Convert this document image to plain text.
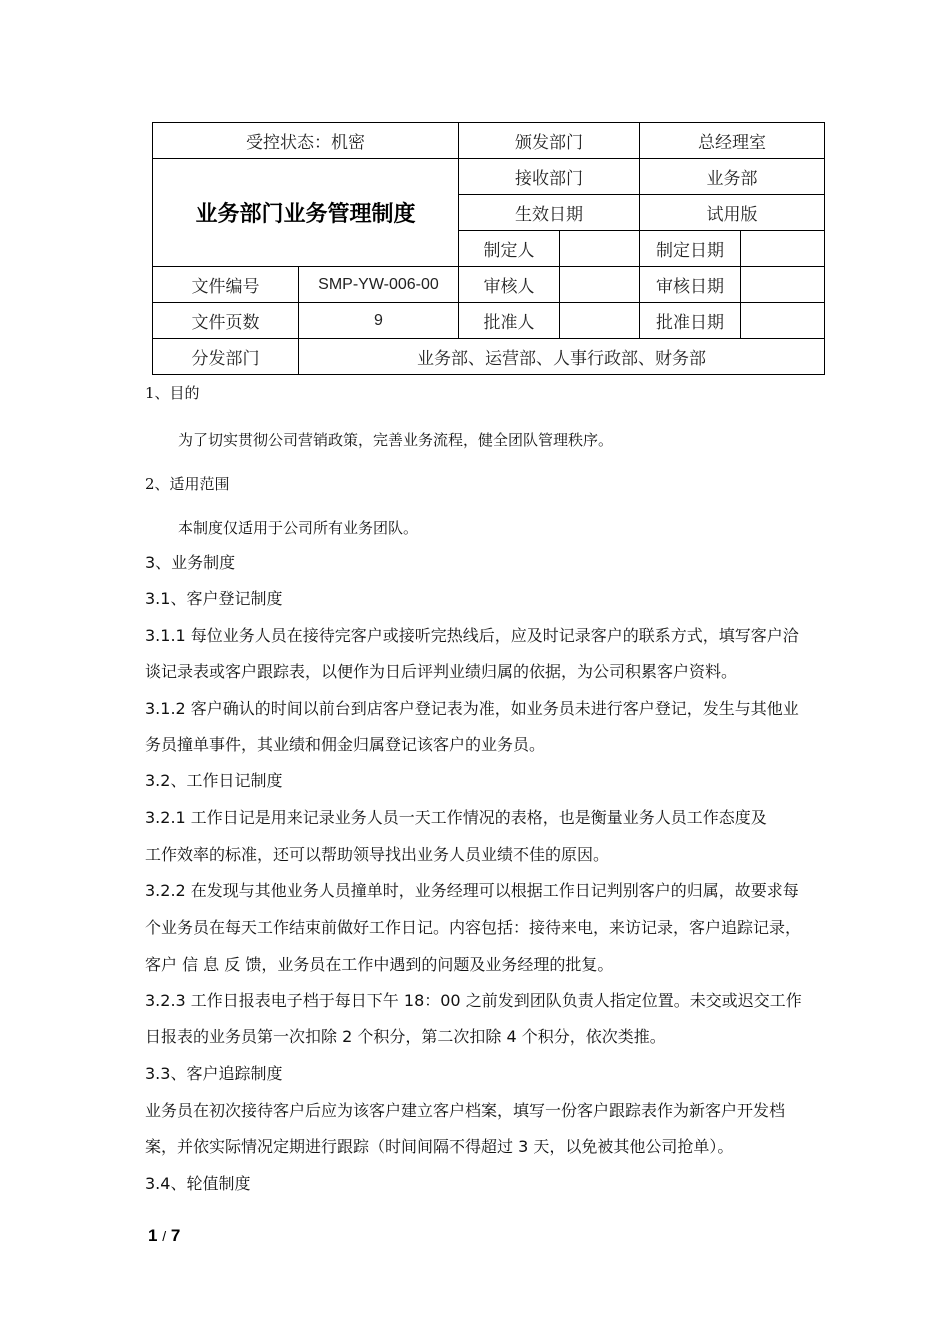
受控状态：机密		颁发部门		总经理室	
业务部门业务管理制度		接收部门		业务部	
		生效日期		试用版	
		制定人		制定日期	
文件编号	SMP-YW-006-00	审核人		审核日期	
文件页数	9	批准人		批准日期	
分发部门	业务部、运营部、人事行政部、财务部				
1、目的
为了切实贯彻公司营销政策，完善业务流程，健全团队管理秩序。
2、适用范围
本制度仅适用于公司所有业务团队。
3、业务制度
3.1、客户登记制度
3.1.1 每位业务人员在接待完客户或接听完热线后，应及时记录客户的联系方式，填写客户洽
谈记录表或客户跟踪表，以便作为日后评判业绩归属的依据，为公司积累客户资料。
3.1.2 客户确认的时间以前台到店客户登记表为准，如业务员未进行客户登记，发生与其他业
务员撞单事件，其业绩和佣金归属登记该客户的业务员。
3.2、工作日记制度
3.2.1 工作日记是用来记录业务人员一天工作情况的表格，也是衡量业务人员工作态度及
工作效率的标准，还可以帮助领导找出业务人员业绩不佳的原因。
3.2.2 在发现与其他业务人员撞单时，业务经理可以根据工作日记判别客户的归属，故要求每
个业务员在每天工作结束前做好工作日记。内容包括：接待来电，来访记录，客户追踪记录，
客户 信 息 反 馈，业务员在工作中遇到的问题及业务经理的批复。
3.2.3 工作日报表电子档于每日下午 18：00 之前发到团队负责人指定位置。未交或迟交工作
日报表的业务员第一次扣除 2 个积分，第二次扣除 4 个积分，依次类推。
3.3、客户追踪制度
业务员在初次接待客户后应为该客户建立客户档案，填写一份客户跟踪表作为新客户开发档
案，并依实际情况定期进行跟踪（时间间隔不得超过 3 天，以免被其他公司抢单）。
3.4、轮值制度
1 / 7
